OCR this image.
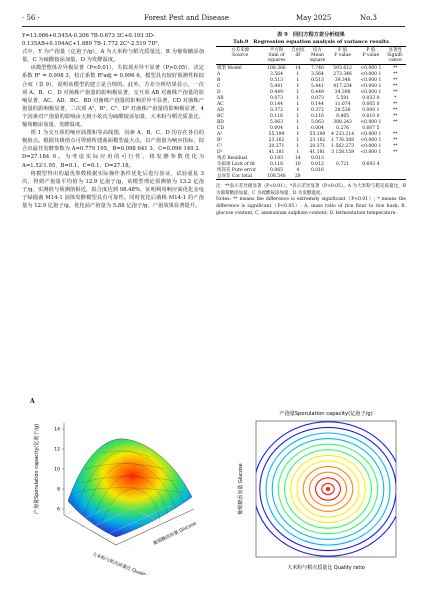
· 56 ·	Forest Pest and Disease	May 2025	No.3

Y=13.066+0.545A-0.206 7B-0.673 3C+0.193 3D-

0.135AB+0.194AC+1.889 7B-1.772 2C²-2.519 7D²，

式中，Y 为产孢量（亿孢子/g），A 为大米粉与稻壳质量比，B 为葡萄糖添加量，C 为硫酸铵添加量，D 为发酵温度。

该模型整体差异极显著（P<0.01），失拟项差异不显著（P>0.05），决定系数 R² = 0.998 3，校正系数 R²adj = 0.996 6，模型具有较好预测性和拟合度（表 9），说明该模型的建立是合理的。此外，方差分析结果显示，一次项 A、B、C、D 对菌株产孢量的影响极显著，交互项 AB 对菌株产孢量的影响显著，AC、AD、BC、BD 对菌株产孢量的影响差异不显著，CD 对菌株产孢量的影响极显著，二次项 A²、B²、C²、D² 对菌株产孢量的影响极显著，4 个因素对产孢量的影响由大到小依次为硫酸铵添加量、大米粉与稻壳质量比、葡萄糖添加量、发酵温度。

图 1 为交互项的响应面图和等高线图，因素 A、B、C、D 均存在各自的极值点。根据其极值点可得到所建曲面模型最大点，以产孢量为响应指标，拟合出最佳发酵参数为 A=0.779 195、B=0.098 641 3、C=0.096 149 2、D=27.184 9。为考虑实际应用的可行性，将发酵参数优化为 A=1.52∶1.95、B=0.1、C=0.1、D=27.18。

将模型得出的最优参数根据实际操作条件优化后进行验证，试验重复 3 次，得到产孢量平均值为 12.9 亿孢子/g，该模型理论预测值为 13.2 亿孢子/g，实测值与预测值相近，拟合度达到 98.48%，证明利用响应面优化金龟子绿僵菌 M14-1 固体发酵模型具有可靠性。同时优化后菌株 M14-1 的产孢量为 12.9 亿孢子/g，优化前产孢量为 5.88 亿孢子/g，产孢效果显著提升。

表 9　回归方程方差分析结果
Tab.9　Regression equation analysis of variance results
方差来源
Source	平方和
Sum of
squares	自由度
df	均方
Mean
square	F 值
F value	P 值
P value	显著性
Signifi-
cance
模型 Model	108.366	14	7.740	593.612	<0.000 1	**
A	3.564	1	3.564	273.346	<0.000 1	**
B	0.513	1	0.513	39.346	<0.000 1	**
C	5.441	1	5.441	417.234	<0.000 1	**
D	0.449	1	0.449	34.398	<0.000 1	**
AB	0.073	1	0.073	5.591	0.033 0	*
AC	0.144	1	0.144	11.074	0.005 0	**
AD	0.372	1	0.372	28.536	0.000 1	**
BC	0.116	1	0.116	8.865	0.010 0	**
BD	5.063	1	5.063	388.243	<0.000 1	**
CD	0.004	1	0.004	0.276	0.607 5	
A²	55.199	1	55.199	4 233.214	<0.000 1	**
B²	23.162	1	23.162	1 776.308	<0.000 1	**
C²	20.371	1	20.371	1 562.273	<0.000 1	**
D²	41.181	1	41.181	3 158.159	<0.000 1	**
残差 Residual	0.183	14	0.013			
失拟项 Lack of fit	0.118	10	0.012	0.721	0.693 4	
纯误差 Pure error	0.065	4	0.016			
总误差 Cor total	108.548	28				
注：**表示差异极显著（P<0.01）；*表示差异显著（P<0.05）。A 为大米粉与稻壳质量比，B 为葡萄糖添加量，C 为硫酸铵添加量，D 为发酵温度。
Notes: ** means the difference is extremely significant（P<0.01）; * means the difference is significant（P<0.05）. A, mass ratio of rice flour to rice husk; B, glucose content; C, ammonium sulphate content; D, fermentation temperature.
A
14
12
10
8
6
产孢量Sporulation capacity(亿孢子/g)
大米粉与稻壳质量比 Quality ratio
葡萄糖添加量 Glucose
产孢量Sporulation capacity(亿孢子/g)
葡萄糖添加量 Glucose
大米粉与稻壳质量比 Quality ratio
